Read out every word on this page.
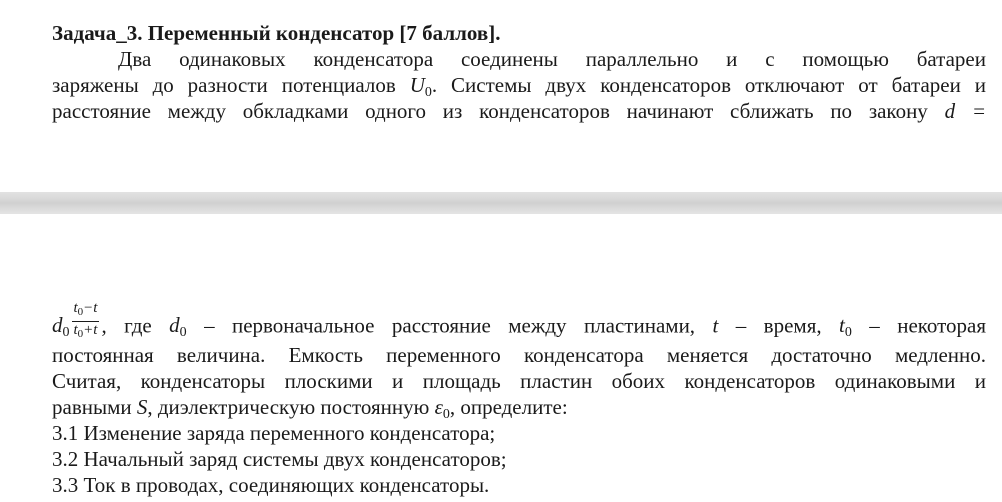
Задача_3. Переменный конденсатор [7 баллов].
Два одинаковых конденсатора соединены параллельно и с помощью батареи
заряжены до разности потенциалов $U_0$. Системы двух конденсаторов отключают от батареи и
расстояние между обкладками одного из конденсаторов начинают сближать по закону d =
$d_0 \frac{t_0-t}{t_0+t}$ , где $d_0$ – первоначальное расстояние между пластинами, t – время, $t_0$ – некоторая
постоянная величина. Емкость переменного конденсатора меняется достаточно медленно.
Считая, конденсаторы плоскими и площадь пластин обоих конденсаторов одинаковыми и
равными S, диэлектрическую постоянную $\varepsilon_0$, определите:
3.1 Изменение заряда переменного конденсатора;
3.2 Начальный заряд системы двух конденсаторов;
3.3 Ток в проводах, соединяющих конденсаторы.
